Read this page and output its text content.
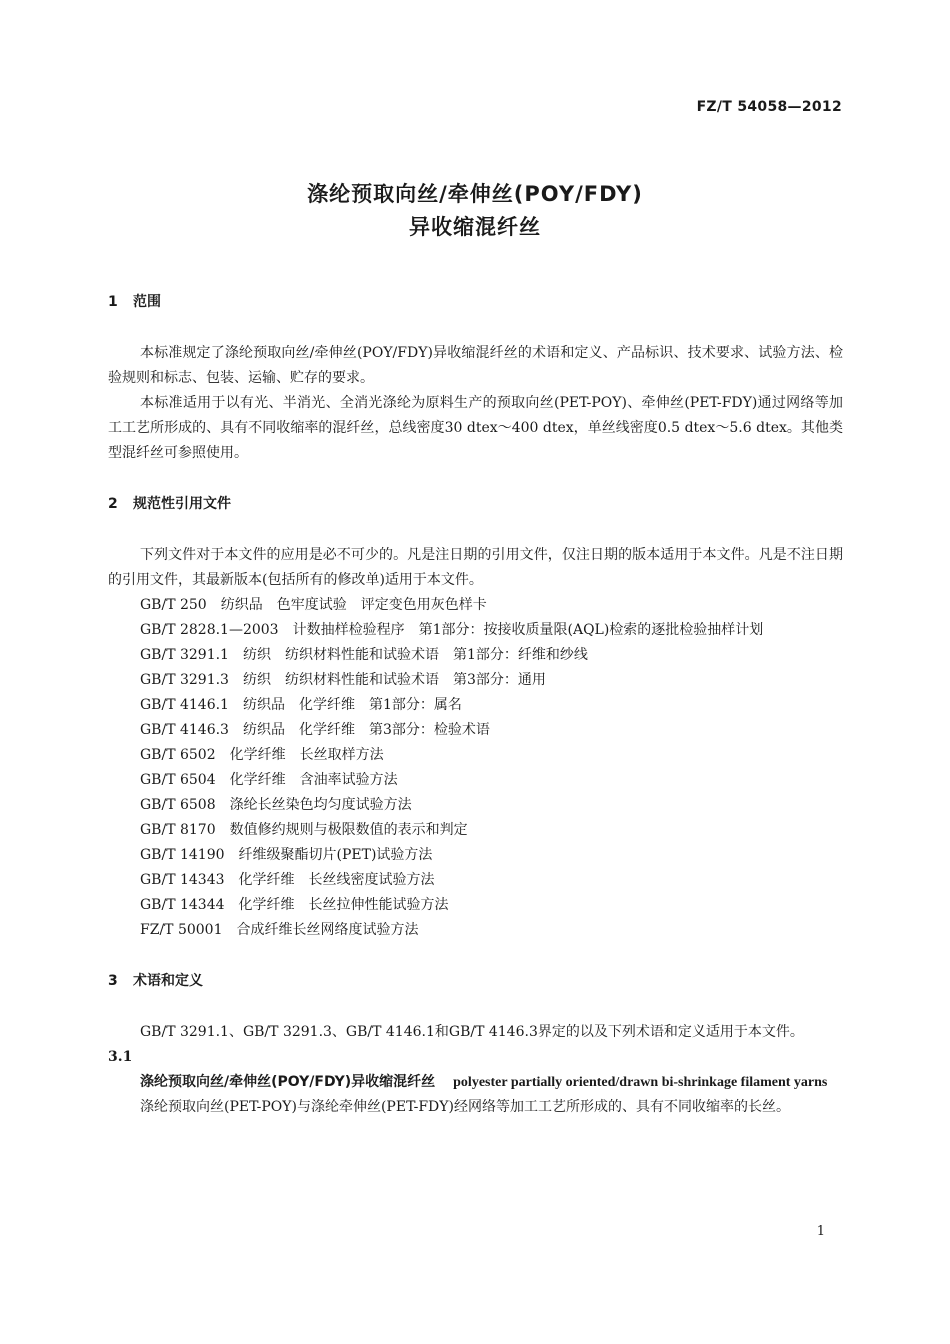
FZ/T 54058—2012
涤纶预取向丝/牵伸丝(POY/FDY)
异收缩混纤丝
1 范围

本标准规定了涤纶预取向丝/牵伸丝(POY/FDY)异收缩混纤丝的术语和定义、产品标识、技术要求、试验方法、检验规则和标志、包装、运输、贮存的要求。

本标准适用于以有光、半消光、全消光涤纶为原料生产的预取向丝(PET-POY)、牵伸丝(PET-FDY)通过网络等加工工艺所形成的、具有不同收缩率的混纤丝，总线密度30 dtex～400 dtex，单丝线密度0.5 dtex～5.6 dtex。其他类型混纤丝可参照使用。

2 规范性引用文件

下列文件对于本文件的应用是必不可少的。凡是注日期的引用文件，仅注日期的版本适用于本文件。凡是不注日期的引用文件，其最新版本(包括所有的修改单)适用于本文件。

GB/T 250　纺织品　色牢度试验　评定变色用灰色样卡

GB/T 2828.1—2003　计数抽样检验程序　第1部分：按接收质量限(AQL)检索的逐批检验抽样计划

GB/T 3291.1　纺织　纺织材料性能和试验术语　第1部分：纤维和纱线

GB/T 3291.3　纺织　纺织材料性能和试验术语　第3部分：通用

GB/T 4146.1　纺织品　化学纤维　第1部分：属名

GB/T 4146.3　纺织品　化学纤维　第3部分：检验术语

GB/T 6502　化学纤维　长丝取样方法

GB/T 6504　化学纤维　含油率试验方法

GB/T 6508　涤纶长丝染色均匀度试验方法

GB/T 8170　数值修约规则与极限数值的表示和判定

GB/T 14190　纤维级聚酯切片(PET)试验方法

GB/T 14343　化学纤维　长丝线密度试验方法

GB/T 14344　化学纤维　长丝拉伸性能试验方法

FZ/T 50001　合成纤维长丝网络度试验方法

3 术语和定义

GB/T 3291.1、GB/T 3291.3、GB/T 4146.1和GB/T 4146.3界定的以及下列术语和定义适用于本文件。

3.1

涤纶预取向丝/牵伸丝(POY/FDY)异收缩混纤丝 polyester partially oriented/drawn bi-shrinkage filament yarns

涤纶预取向丝(PET-POY)与涤纶牵伸丝(PET-FDY)经网络等加工工艺所形成的、具有不同收缩率的长丝。

1
